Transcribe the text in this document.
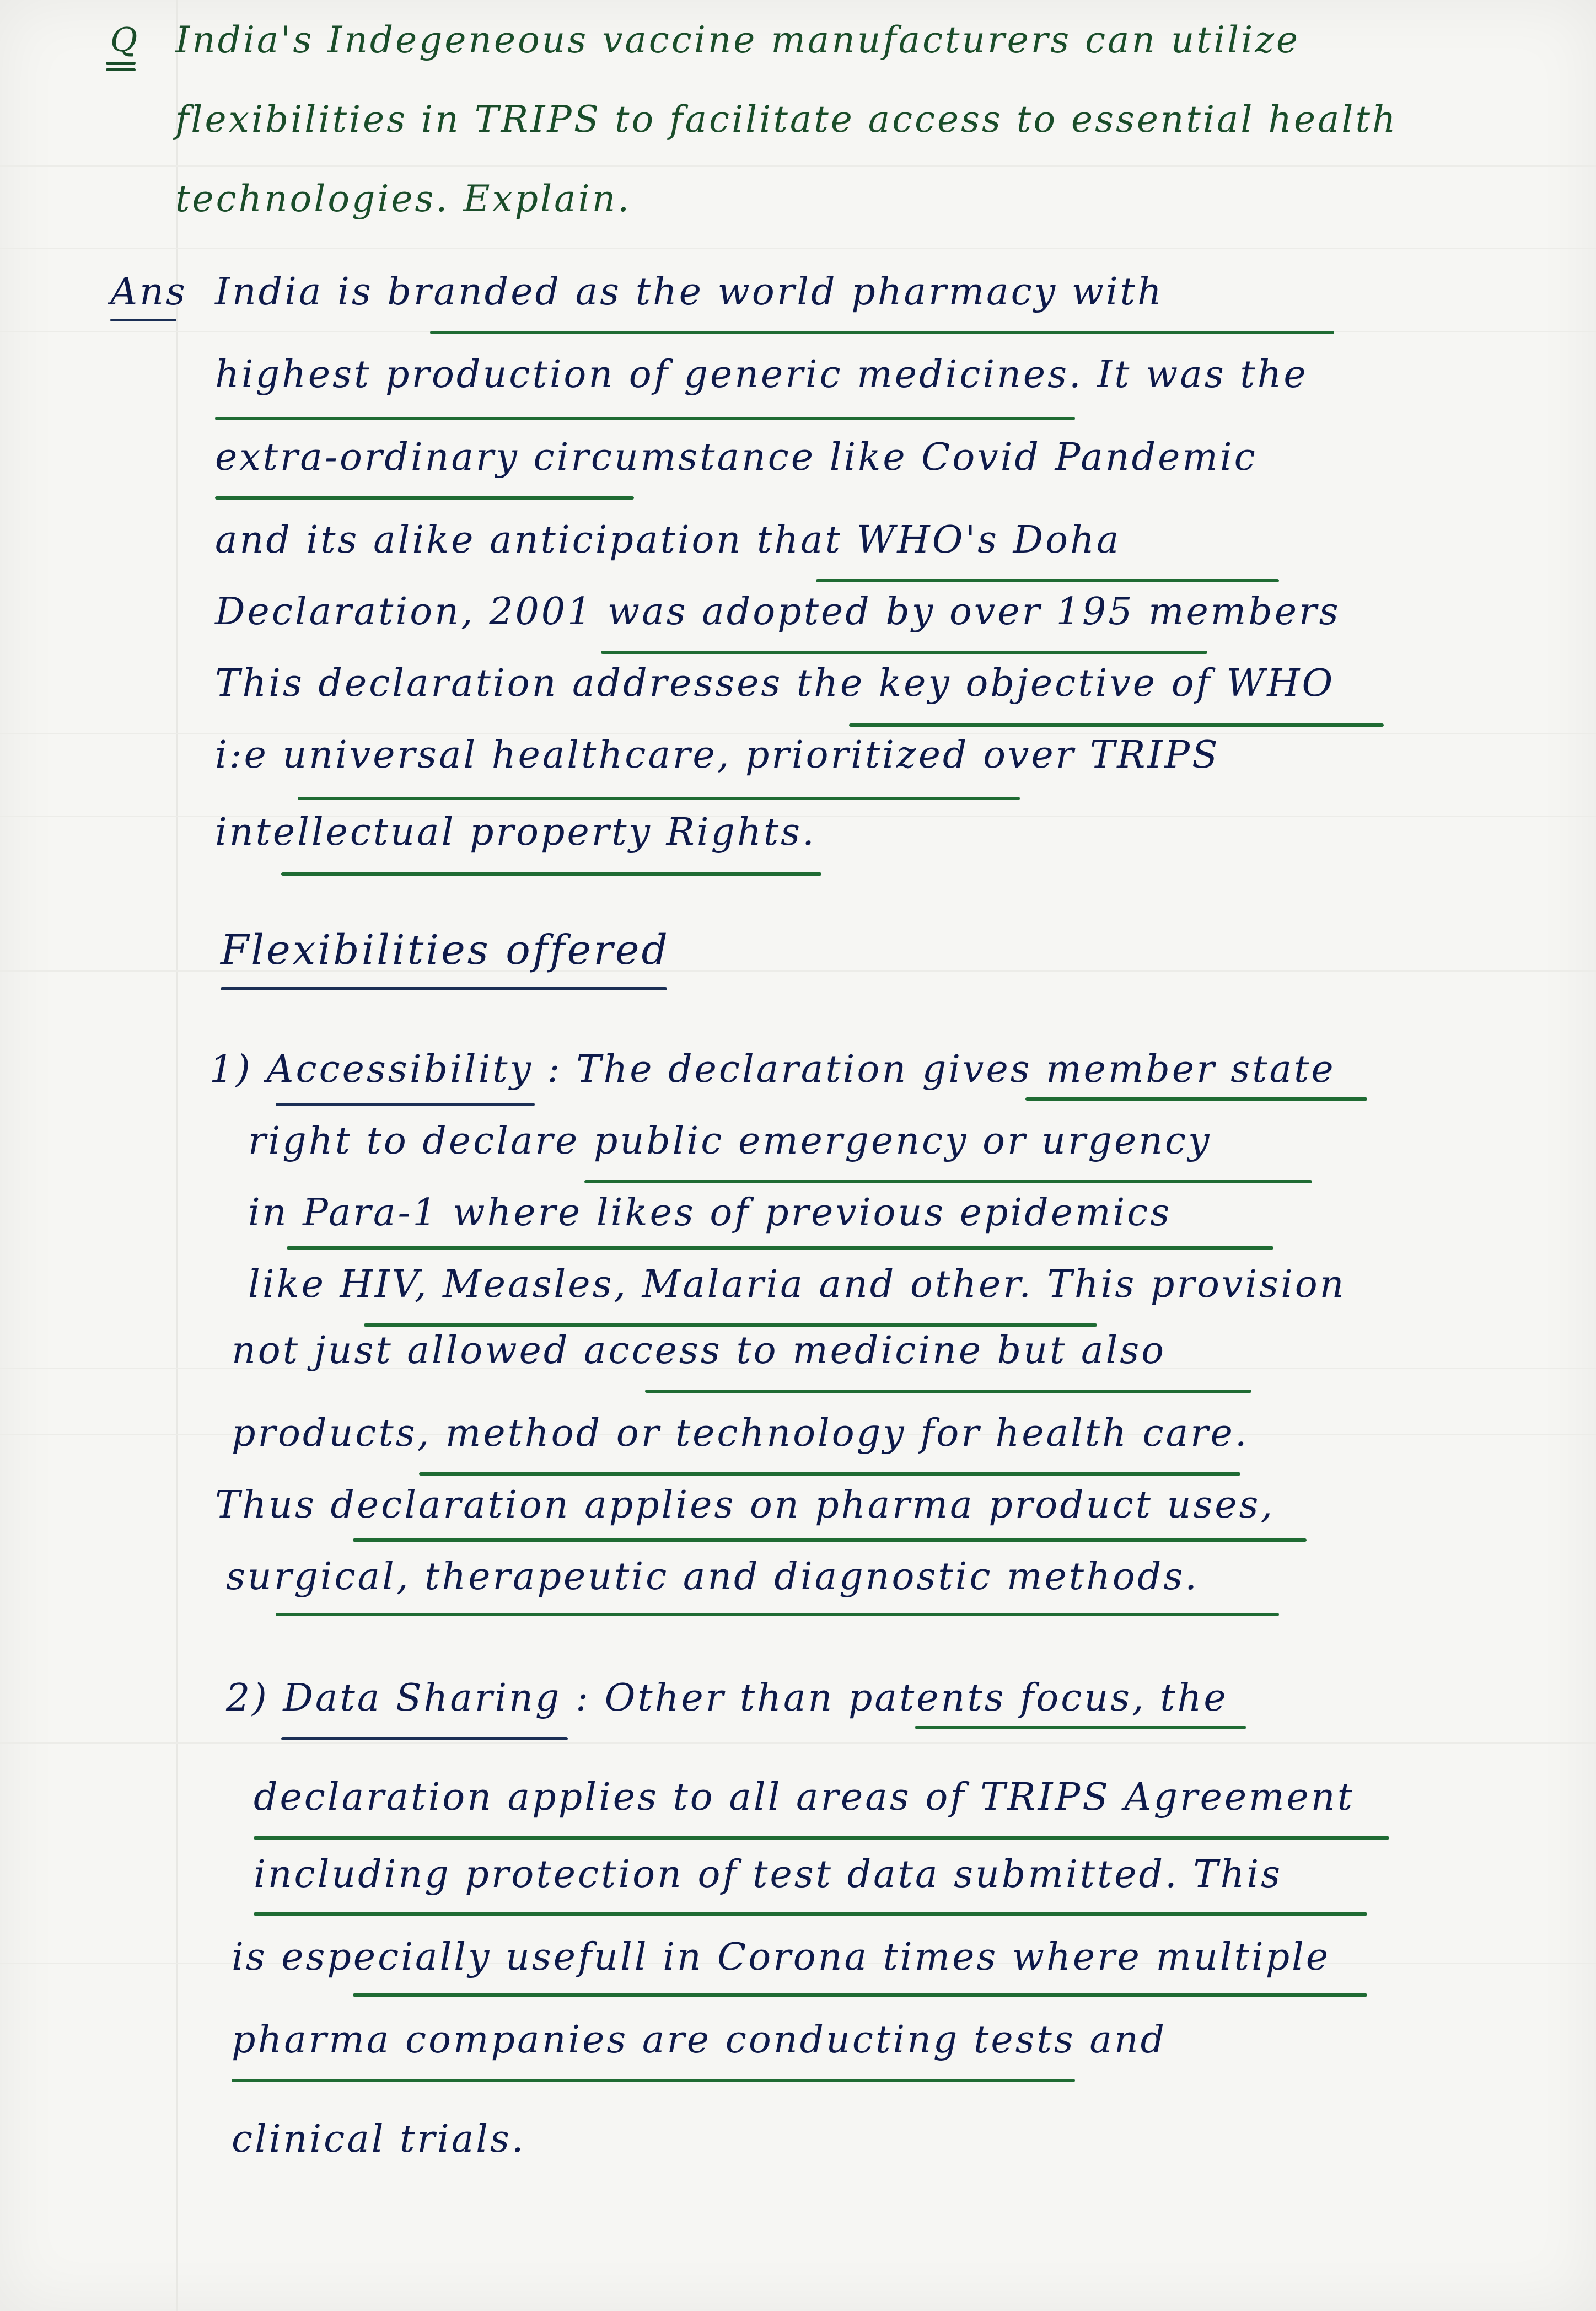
Q India's Indegeneous vaccine manufacturers can utilize
flexibilities in TRIPS to facilitate access to essential health
technologies. Explain.
Ans India is branded as the world pharmacy with
highest production of generic medicines. It was the
extra-ordinary circumstance like Covid Pandemic
and its alike anticipation that WHO's Doha
Declaration, 2001 was adopted by over 195 members
This declaration addresses the key objective of WHO
i:e universal healthcare, prioritized over TRIPS
intellectual property Rights.
Flexibilities offered
1) Accessibility : The declaration gives member state
right to declare public emergency or urgency
in Para-1 where likes of previous epidemics
like HIV, Measles, Malaria and other. This provision
not just allowed access to medicine but also
products, method or technology for health care.
Thus declaration applies on pharma product uses,
surgical, therapeutic and diagnostic methods.
2) Data Sharing : Other than patents focus, the
declaration applies to all areas of TRIPS Agreement
including protection of test data submitted. This
is especially usefull in Corona times where multiple
pharma companies are conducting tests and
clinical trials.
